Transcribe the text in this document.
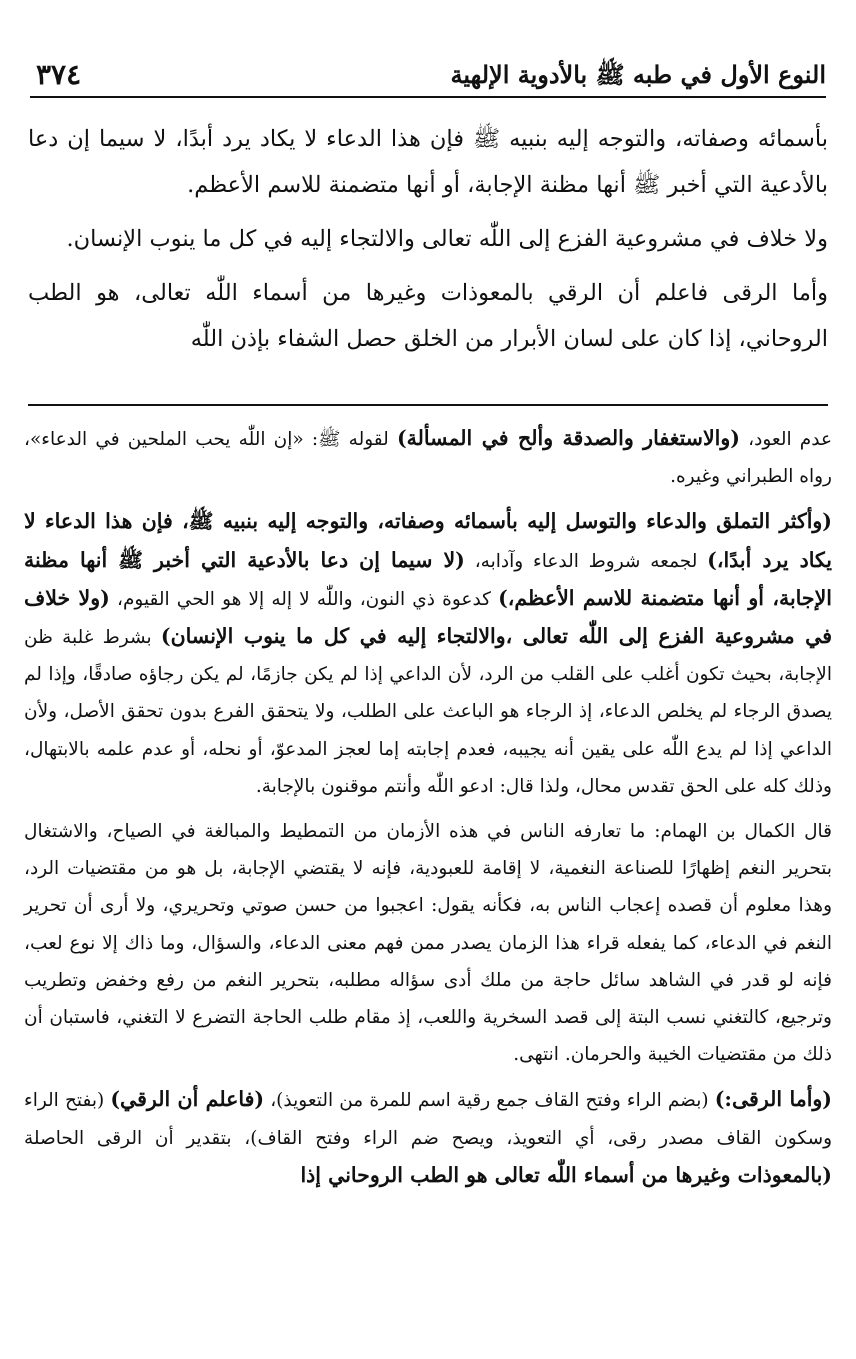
النوع الأول في طبه ﷺ بالأدوية الإلهية
٣٧٤

بأسمائه وصفاته، والتوجه إليه بنبيه ﷺ فإن هذا الدعاء لا يكاد يرد أبدًا، لا سيما إن دعا بالأدعية التي أخبر ﷺ أنها مظنة الإجابة، أو أنها متضمنة للاسم الأعظم.

ولا خلاف في مشروعية الفزع إلى اللّٰه تعالى والالتجاء إليه في كل ما ينوب الإنسان.

وأما الرقى فاعلم أن الرقي بالمعوذات وغيرها من أسماء اللّٰه تعالى، هو الطب الروحاني، إذا كان على لسان الأبرار من الخلق حصل الشفاء بإذن اللّٰه

عدم العود، (والاستغفار والصدقة وألح في المسألة) لقوله ﷺ: «إن اللّٰه يحب الملحين في الدعاء»، رواه الطبراني وغيره.

(وأكثر التملق والدعاء والتوسل إليه بأسمائه وصفاته، والتوجه إليه بنبيه ﷺ، فإن هذا الدعاء لا يكاد يرد أبدًا،) لجمعه شروط الدعاء وآدابه، (لا سيما إن دعا بالأدعية التي أخبر ﷺ أنها مظنة الإجابة، أو أنها متضمنة للاسم الأعظم،) كدعوة ذي النون، واللّٰه لا إله إلا هو الحي القيوم، (ولا خلاف في مشروعية الفزع إلى اللّٰه تعالى ،والالتجاء إليه في كل ما ينوب الإنسان) بشرط غلبة ظن الإجابة، بحيث تكون أغلب على القلب من الرد، لأن الداعي إذا لم يكن جازمًا، لم يكن رجاؤه صادقًا، وإذا لم يصدق الرجاء لم يخلص الدعاء، إذ الرجاء هو الباعث على الطلب، ولا يتحقق الفرع بدون تحقق الأصل، ولأن الداعي إذا لم يدع اللّٰه على يقين أنه يجيبه، فعدم إجابته إما لعجز المدعوّ، أو نحله، أو عدم علمه بالابتهال، وذلك كله على الحق تقدس محال، ولذا قال: ادعو اللّٰه وأنتم موقنون بالإجابة.

قال الكمال بن الهمام: ما تعارفه الناس في هذه الأزمان من التمطيط والمبالغة في الصياح، والاشتغال بتحرير النغم إظهارًا للصناعة النغمية، لا إقامة للعبودية، فإنه لا يقتضي الإجابة، بل هو من مقتضيات الرد، وهذا معلوم أن قصده إعجاب الناس به، فكأنه يقول: اعجبوا من حسن صوتي وتحريري، ولا أرى أن تحرير النغم في الدعاء، كما يفعله قراء هذا الزمان يصدر ممن فهم معنى الدعاء، والسؤال، وما ذاك إلا نوع لعب، فإنه لو قدر في الشاهد سائل حاجة من ملك أدى سؤاله مطلبه، بتحرير النغم من رفع وخفض وتطريب وترجيع، كالتغني نسب البتة إلى قصد السخرية واللعب، إذ مقام طلب الحاجة التضرع لا التغني، فاستبان أن ذلك من مقتضيات الخيبة والحرمان. انتهى.

(وأما الرقى:) (بضم الراء وفتح القاف جمع رقية اسم للمرة من التعويذ)، (فاعلم أن الرقي) (بفتح الراء وسكون القاف مصدر رقى، أي التعويذ، ويصح ضم الراء وفتح القاف)، بتقدير أن الرقى الحاصلة (بالمعوذات وغيرها من أسماء اللّٰه تعالى هو الطب الروحاني إذا
